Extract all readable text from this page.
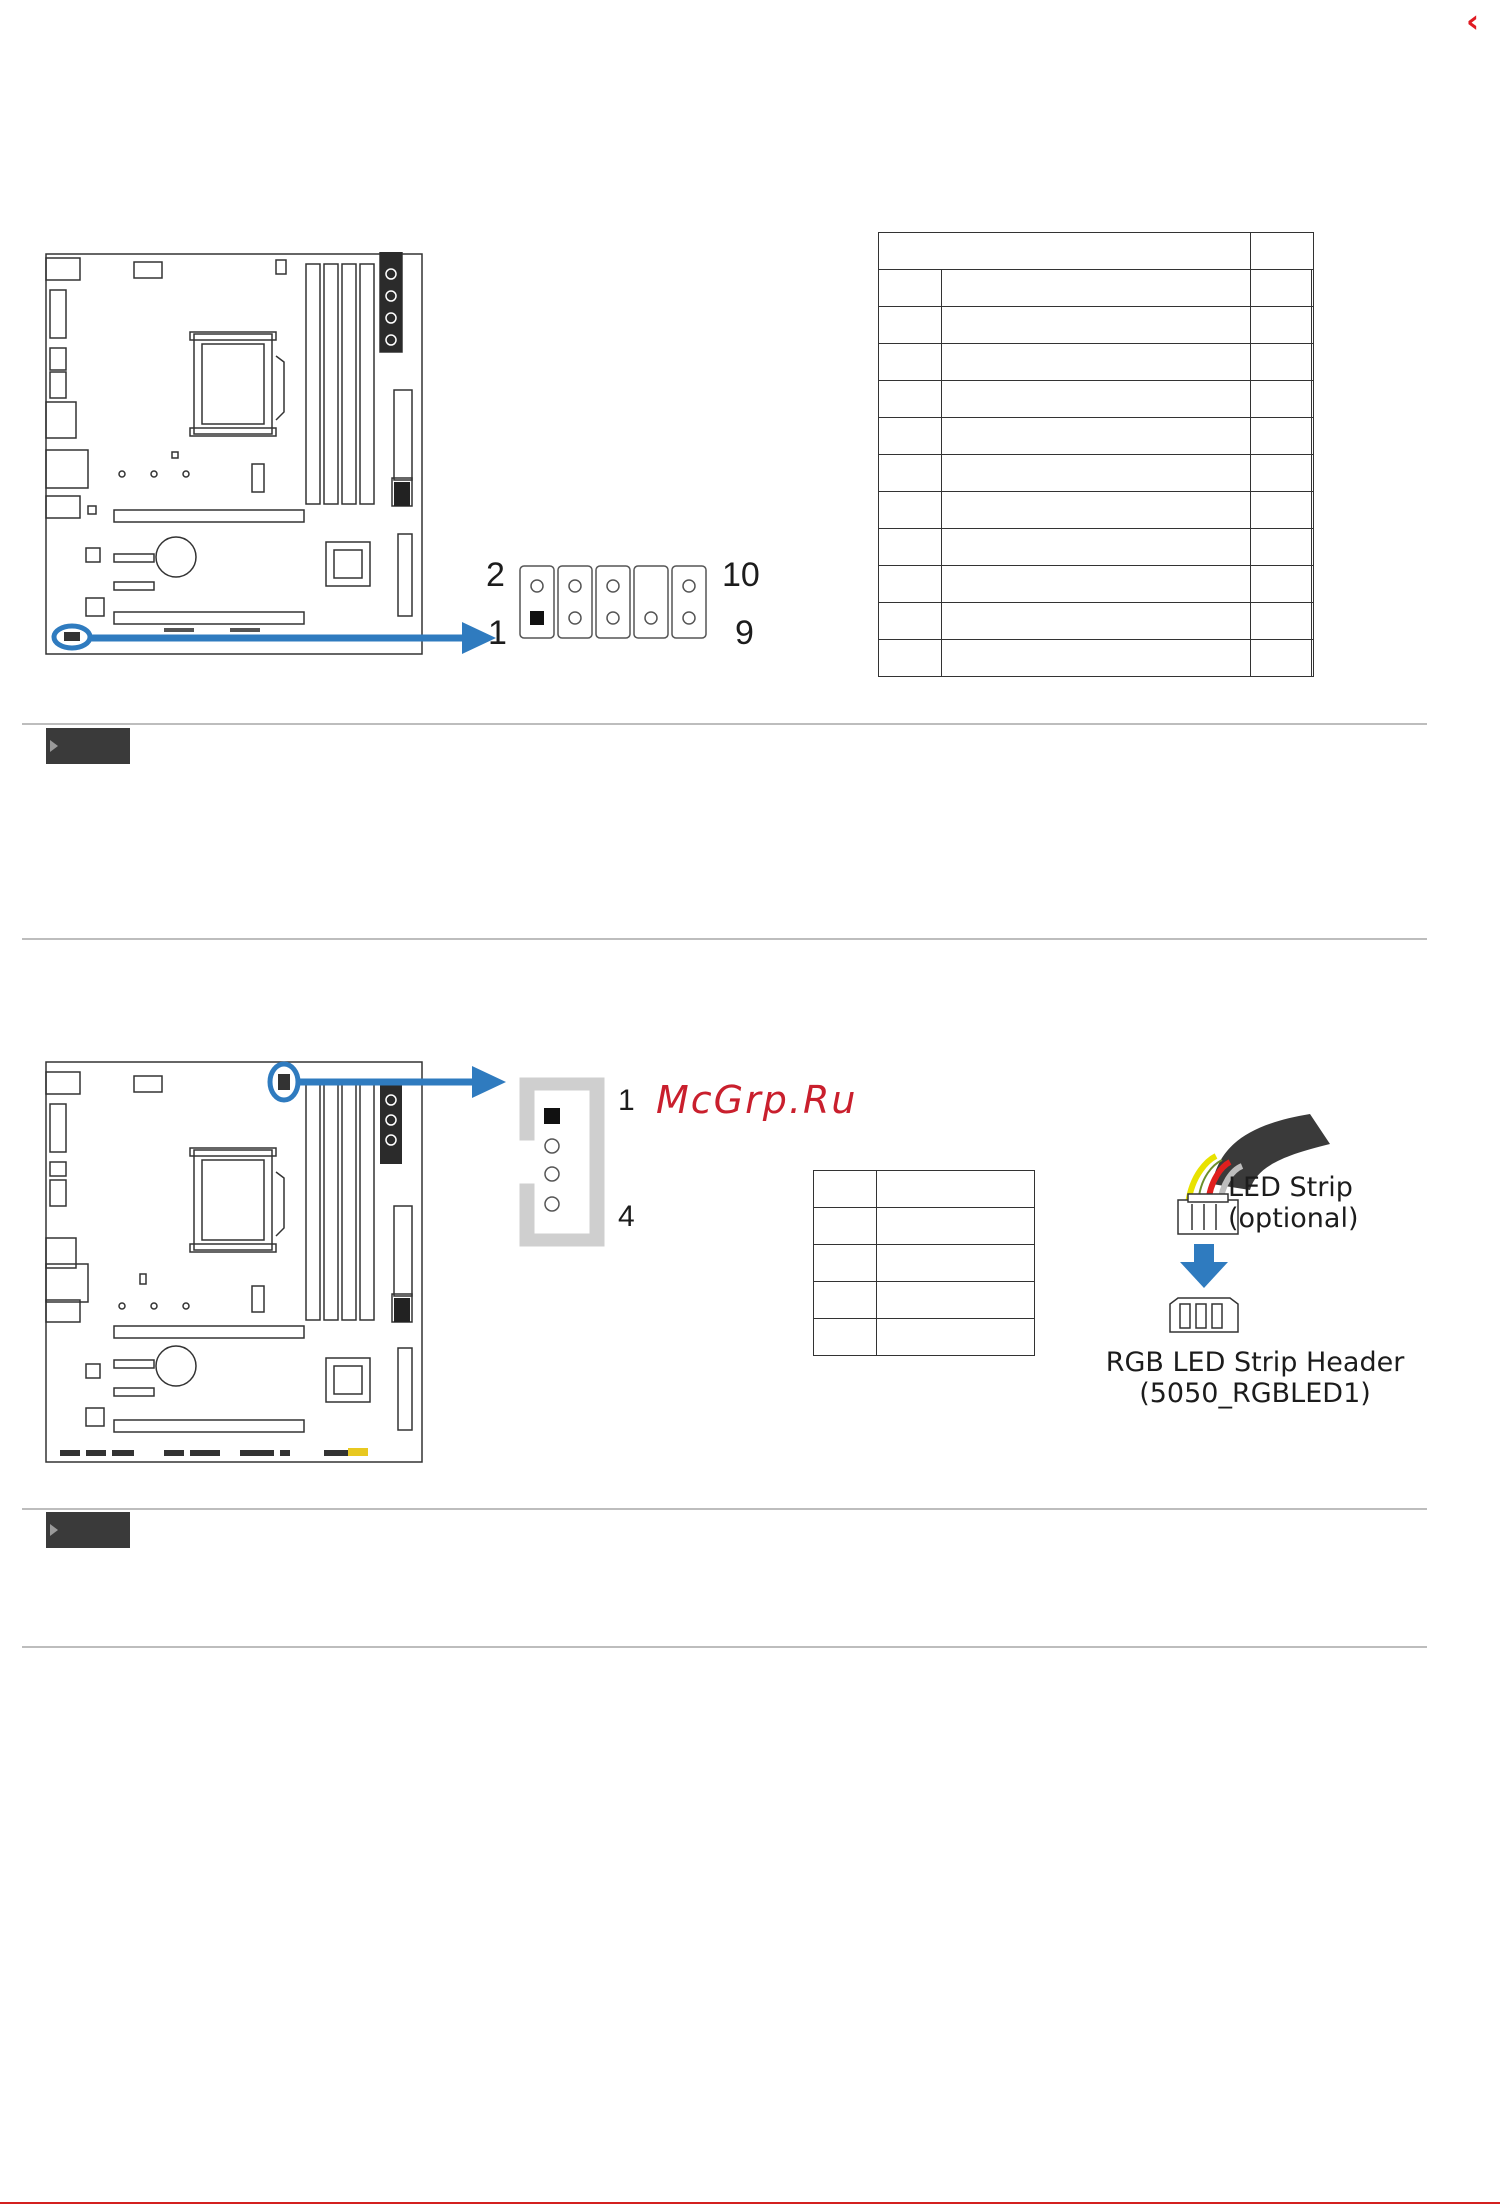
‹
2	10
1	9

1
4
McGrp.Ru

LED Strip
(optional)
RGB LED Strip Header
(5050_RGBLED1)
